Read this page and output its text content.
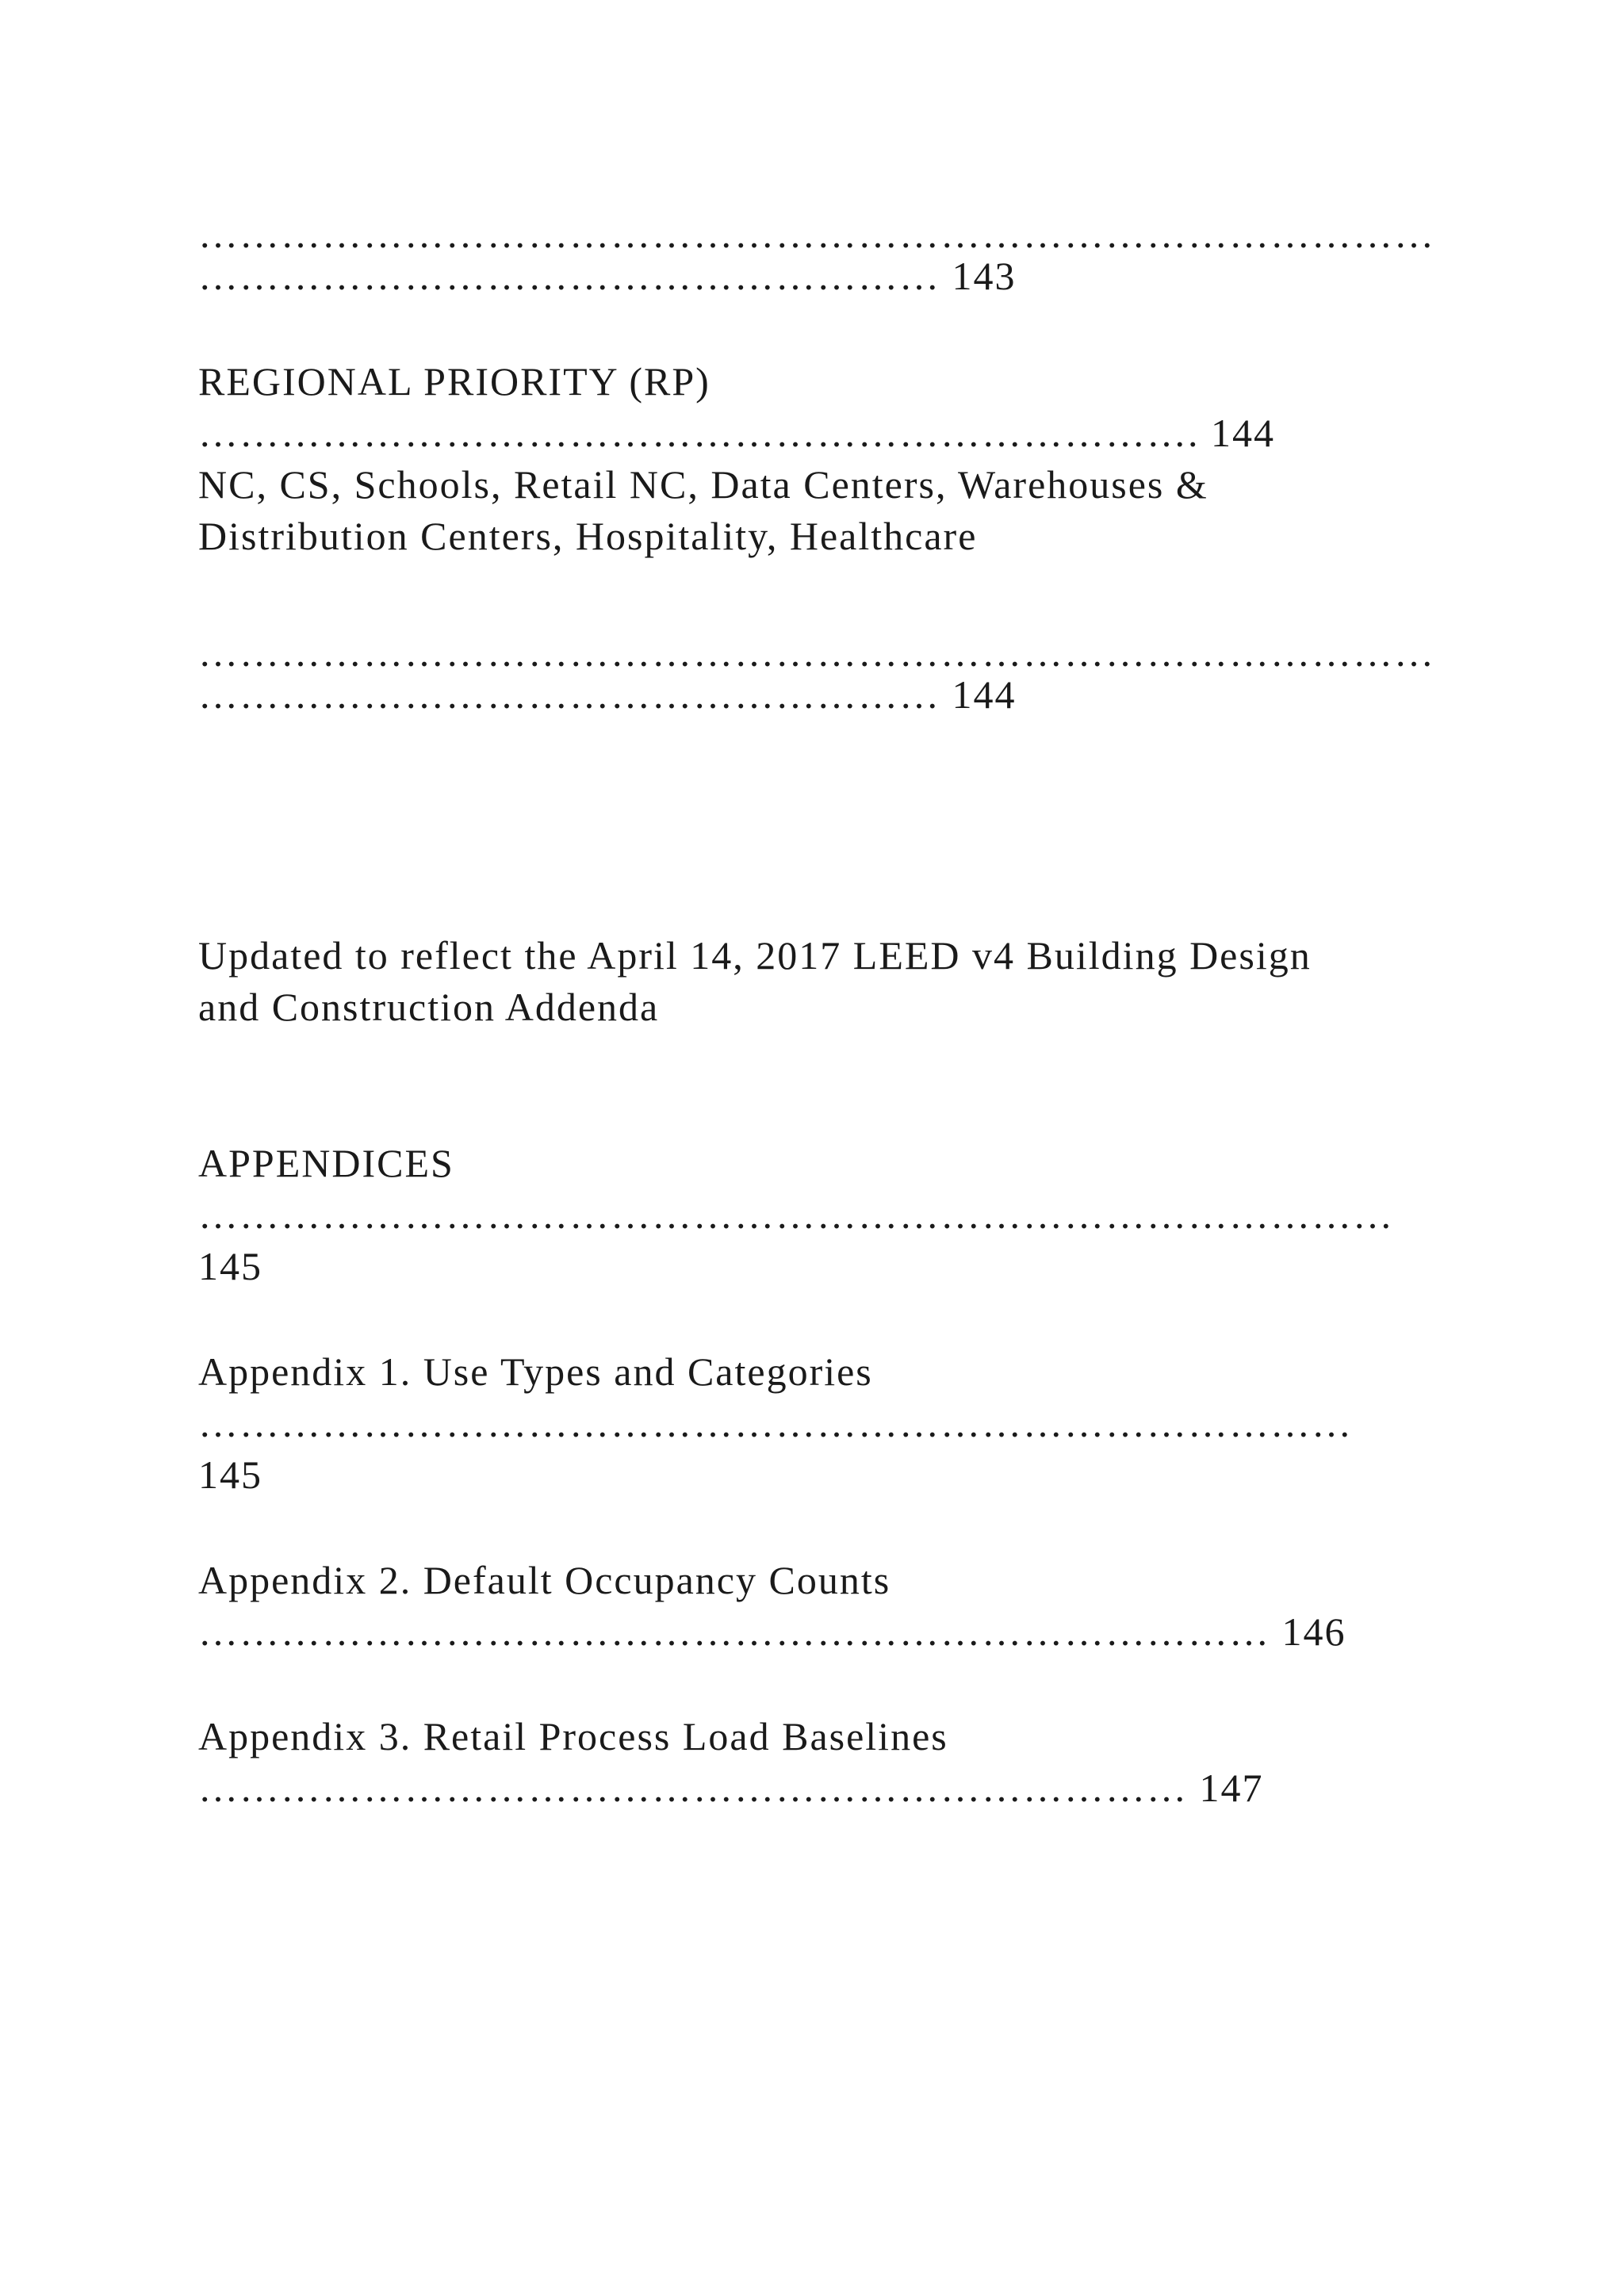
………………………………………………………………………………
……………………………………………… 143
REGIONAL PRIORITY (RP)
………………………………………………………………. 144
NC, CS, Schools, Retail NC, Data Centers, Warehouses &
Distribution Centers, Hospitality, Healthcare
………………………………………………………………………………
……………………………………………… 144
Updated to reflect the April 14, 2017 LEED v4 Building Design
and Construction Addenda
APPENDICES
……………………………………………………………………………
145
Appendix 1. Use Types and Categories
…………………………………………………………………………
145
Appendix 2. Default Occupancy Counts
…………………………………………………………………… 146
Appendix 3. Retail Process Load Baselines
……………………………………………………………… 147
